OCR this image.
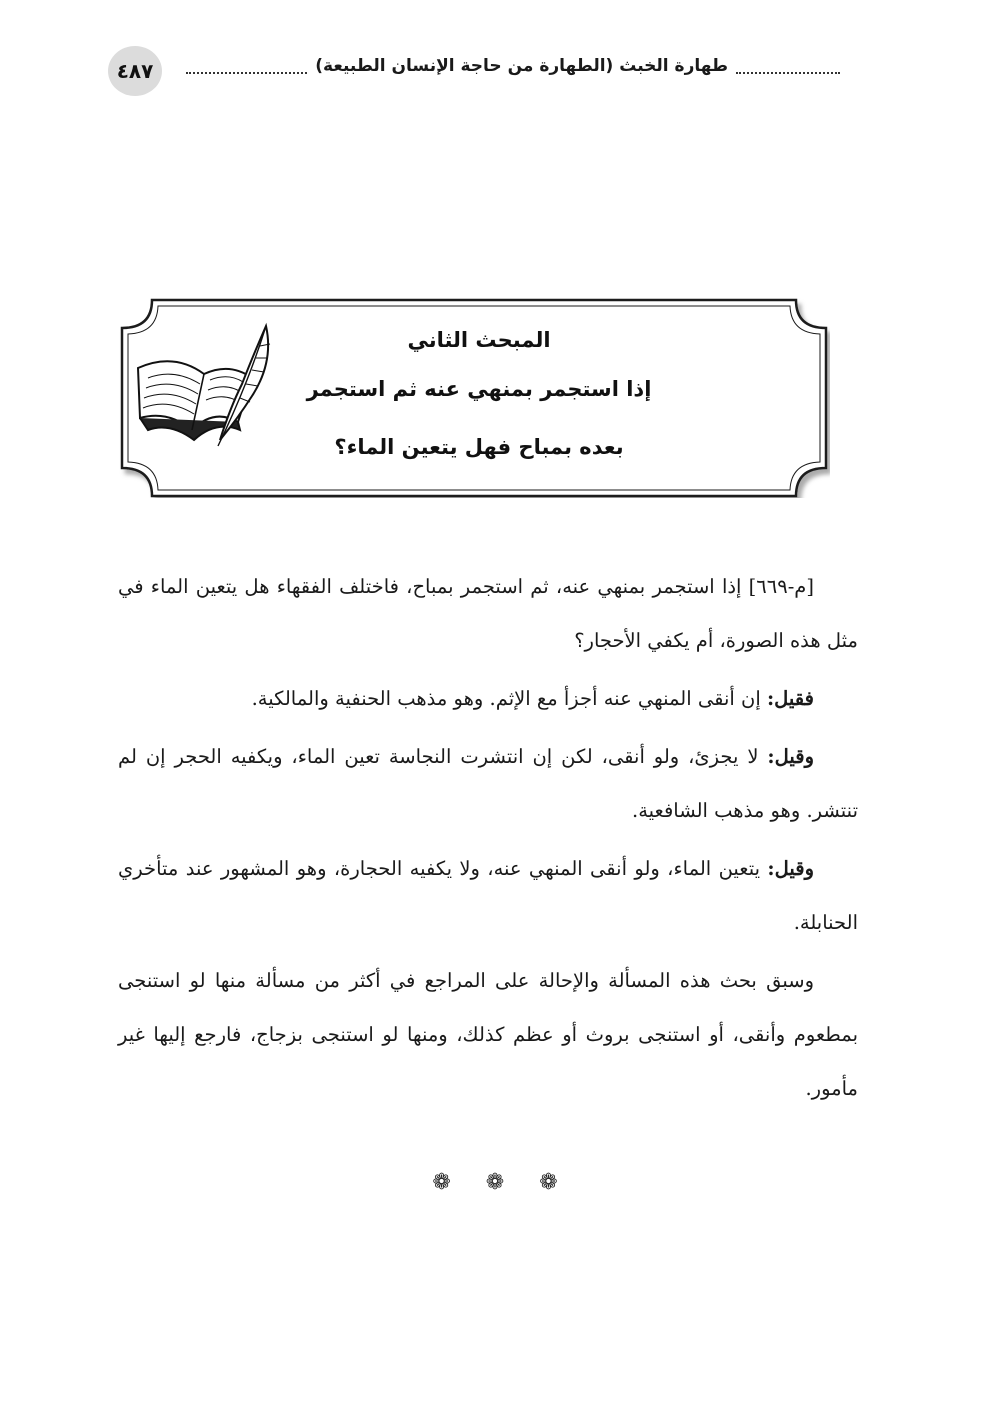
٤٨٧	طهارة الخبث (الطهارة من حاجة الإنسان الطبيعة)

المبحث الثاني

إذا استجمر بمنهي عنه ثم استجمر

بعده بمباح فهل يتعين الماء؟

[م-٦٦٩] إذا استجمر بمنهي عنه، ثم استجمر بمباح، فاختلف الفقهاء هل يتعين الماء في مثل هذه الصورة، أم يكفي الأحجار؟

فقيل: إن أنقى المنهي عنه أجزأ مع الإثم. وهو مذهب الحنفية والمالكية.

وقيل: لا يجزئ، ولو أنقى، لكن إن انتشرت النجاسة تعين الماء، ويكفيه الحجر إن لم تنتشر. وهو مذهب الشافعية.

وقيل: يتعين الماء، ولو أنقى المنهي عنه، ولا يكفيه الحجارة، وهو المشهور عند متأخري الحنابلة.

وسبق بحث هذه المسألة والإحالة على المراجع في أكثر من مسألة منها لو استنجى بمطعوم وأنقى، أو استنجى بروث أو عظم كذلك، ومنها لو استنجى بزجاج، فارجع إليها غير مأمور.

❁ ❁ ❁
